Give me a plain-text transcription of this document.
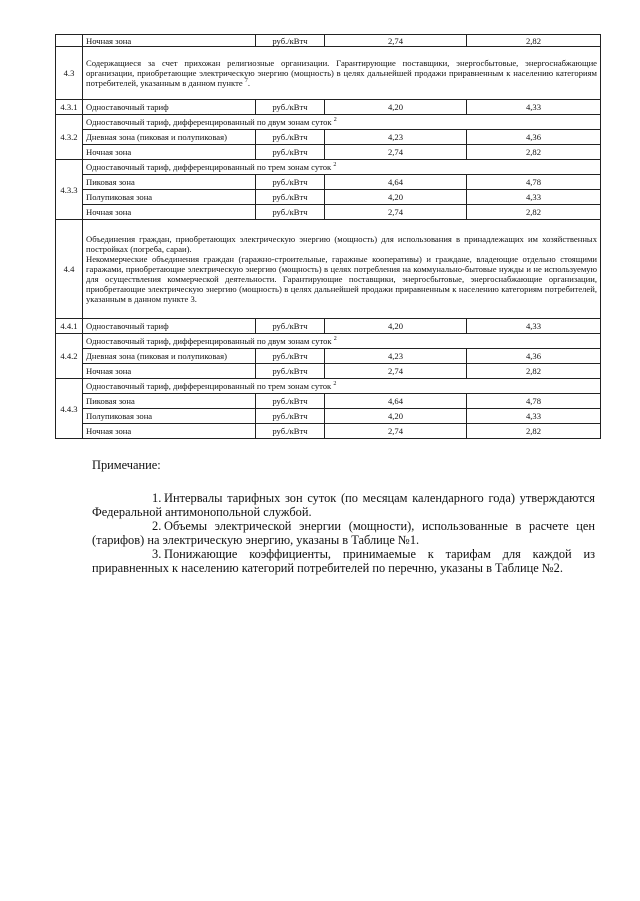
	Ночная зона	руб./кВтч	2,74	2,82
4.3	Содержащиеся за счет прихожан религиозные организации. Гарантирующие поставщики, энергосбытовые, энергоснабжающие организации, приобретающие электрическую энергию (мощность) в целях дальнейшей продажи приравненным к населению категориям потребителей, указанным в данном пункте $^7$.			
4.3.1	Одноставочный тариф	руб./кВтч	4,20	4,33
4.3.2	Одноставочный тариф, дифференцированный по двум зонам суток $^2$
	Дневная зона (пиковая и полупиковая)	руб./кВтч	4,23	4,36
	Ночная зона	руб./кВтч	2,74	2,82
4.3.3	Одноставочный тариф, дифференцированный по трем зонам суток $^2$
	Пиковая зона	руб./кВтч	4,64	4,78
	Полупиковая зона	руб./кВтч	4,20	4,33
	Ночная зона	руб./кВтч	2,74	2,82
4.4	Объединения граждан, приобретающих электрическую энергию (мощность) для использования в принадлежащих им хозяйственных постройках (погреба, сараи).
Некоммерческие объединения граждан (гаражно-строительные, гаражные кооперативы) и граждане, владеющие отдельно стоящими гаражами, приобретающие электрическую энергию (мощность) в целях потребления на коммунально-бытовые нужды и не используемую для осуществления коммерческой деятельности. Гарантирующие поставщики, энергосбытовые, энергоснабжающие организации, приобретающие электрическую энергию (мощность) в целях дальнейшей продажи приравненным к населению категориям потребителей, указанным в данном пункте 3.			

4.4.1	Одноставочный тариф	руб./кВтч	4,20	4,33
4.4.2	Одноставочный тариф, дифференцированный по двум зонам суток $^2$
	Дневная зона (пиковая и полупиковая)	руб./кВтч	4,23	4,36
	Ночная зона	руб./кВтч	2,74	2,82
4.4.3	Одноставочный тариф, дифференцированный по трем зонам суток $^2$
	Пиковая зона	руб./кВтч	4,64	4,78
	Полупиковая зона	руб./кВтч	4,20	4,33
	Ночная зона	руб./кВтч	2,74	2,82

Примечание:

1. Интервалы тарифных зон суток (по месяцам календарного года) утверждаются Федеральной антимонопольной службой.

2. Объемы электрической энергии (мощности), использованные в расчете цен (тарифов) на электрическую энергию, указаны в Таблице №1.

3. Понижающие коэффициенты, принимаемые к тарифам для каждой из приравненных к населению категорий потребителей по перечню, указаны в Таблице №2.
